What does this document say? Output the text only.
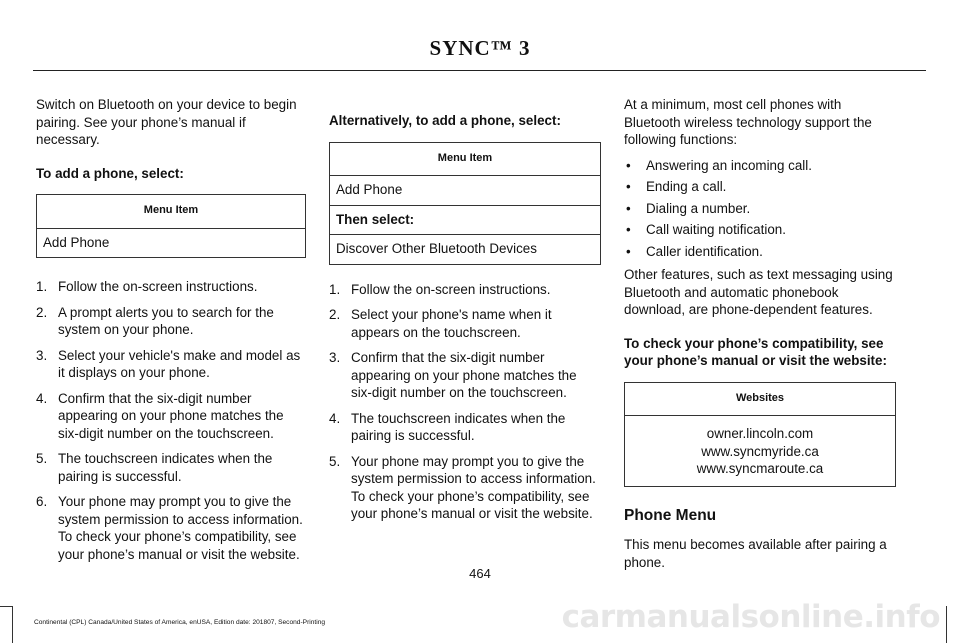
SYNC™ 3

Switch on Bluetooth on your device to begin pairing. See your phone’s manual if necessary.

To add a phone, select:

Menu Item
Add Phone
1. Follow the on-screen instructions.
2. A prompt alerts you to search for the system on your phone.
3. Select your vehicle's make and model as it displays on your phone.
4. Confirm that the six-digit number appearing on your phone matches the six-digit number on the touchscreen.
5. The touchscreen indicates when the pairing is successful.
6. Your phone may prompt you to give the system permission to access information. To check your phone’s compatibility, see your phone’s manual or visit the website.

Alternatively, to add a phone, select:

Menu Item
Add Phone
Then select:
Discover Other Bluetooth Devices
1. Follow the on-screen instructions.
2. Select your phone's name when it appears on the touchscreen.
3. Confirm that the six-digit number appearing on your phone matches the six-digit number on the touchscreen.
4. The touchscreen indicates when the pairing is successful.
5. Your phone may prompt you to give the system permission to access information. To check your phone’s compatibility, see your phone’s manual or visit the website.

At a minimum, most cell phones with Bluetooth wireless technology support the following functions:

• Answering an incoming call.
• Ending a call.
• Dialing a number.
• Call waiting notification.
• Caller identification.

Other features, such as text messaging using Bluetooth and automatic phonebook download, are phone-dependent features.

To check your phone’s compatibility, see your phone’s manual or visit the website:

Websites
owner.lincoln.com
www.syncmyride.ca
www.syncmaroute.ca

Phone Menu

This menu becomes available after pairing a phone.

464
Continental (CPL) Canada/United States of America, enUSA, Edition date: 201807, Second-Printing	carmanualsonline.info
